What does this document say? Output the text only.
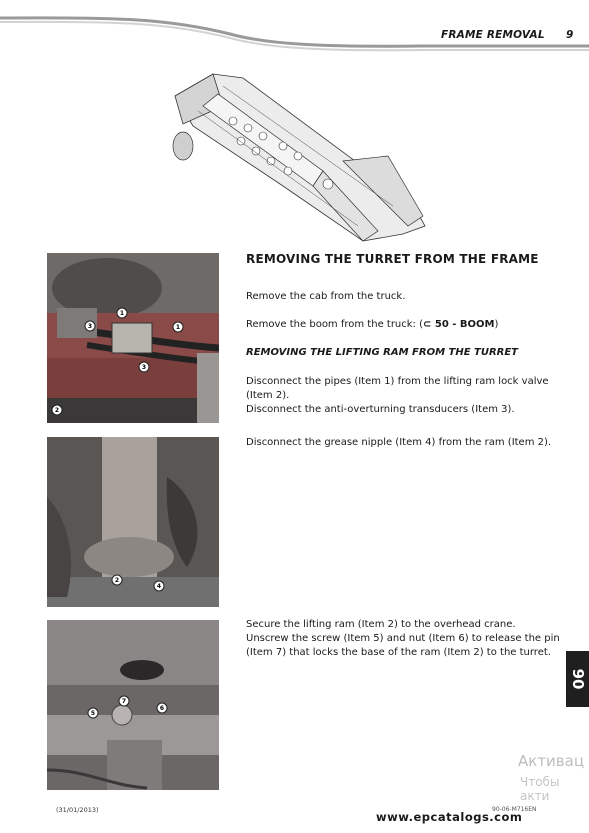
FRAME REMOVAL 9
1
1
3
3
2
2
4
7
5
6
REMOVING THE TURRET FROM THE FRAME
Remove the cab from the truck.
Remove the boom from the truck: (⊂ 50 - BOOM)
REMOVING THE LIFTING RAM FROM THE TURRET
Disconnect the pipes (Item 1) from the lifting ram lock valve
(Item 2).
Disconnect the anti-overturning transducers (Item 3).
Disconnect the grease nipple (Item 4) from the ram (Item 2).
Secure the lifting ram (Item 2) to the overhead crane.
Unscrew the screw (Item 5) and nut (Item 6) to release the pin
(Item 7) that locks the base of the ram (Item 2) to the turret.
90
Активац
Чтобы акти
(31/01/2013)	90-06-M716EN
www.epcatalogs.com
